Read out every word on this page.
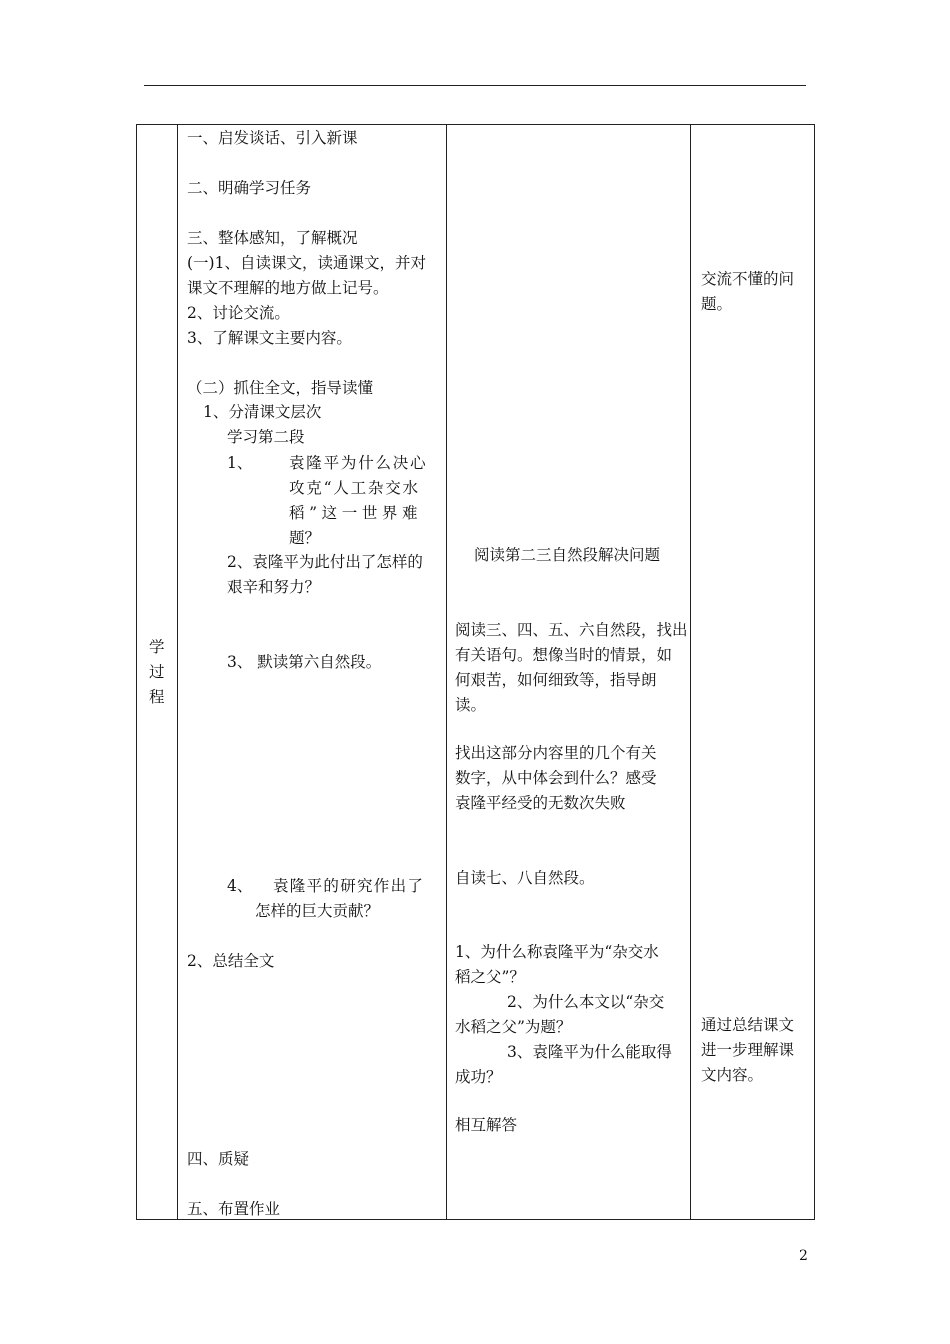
学
过
程
一、启发谈话、引入新课
二、明确学习任务
三、整体感知，了解概况
(一)1、自读课文，读通课文，并对
课文不理解的地方做上记号。
2、讨论交流。
3、了解课文主要内容。
（二）抓住全文，指导读懂
1、分清课文层次
学习第二段
1、 袁隆平为什么决心
攻克“人工杂交水
稻”这一世界难
题？
2、袁隆平为此付出了怎样的
艰辛和努力？
3、 默读第六自然段。
4、 袁隆平的研究作出了
怎样的巨大贡献？
2、总结全文
四、质疑
五、布置作业
阅读第二三自然段解决问题
阅读三、四、五、六自然段，找出
有关语句。想像当时的情景，如
何艰苦，如何细致等，指导朗
读。
找出这部分内容里的几个有关
数字，从中体会到什么？感受
袁隆平经受的无数次失败
自读七、八自然段。
1、为什么称袁隆平为“杂交水
稻之父”？
2、为什么本文以“杂交
水稻之父”为题？
3、袁隆平为什么能取得
成功？
相互解答
交流不懂的问
题。
通过总结课文
进一步理解课
文内容。
2
